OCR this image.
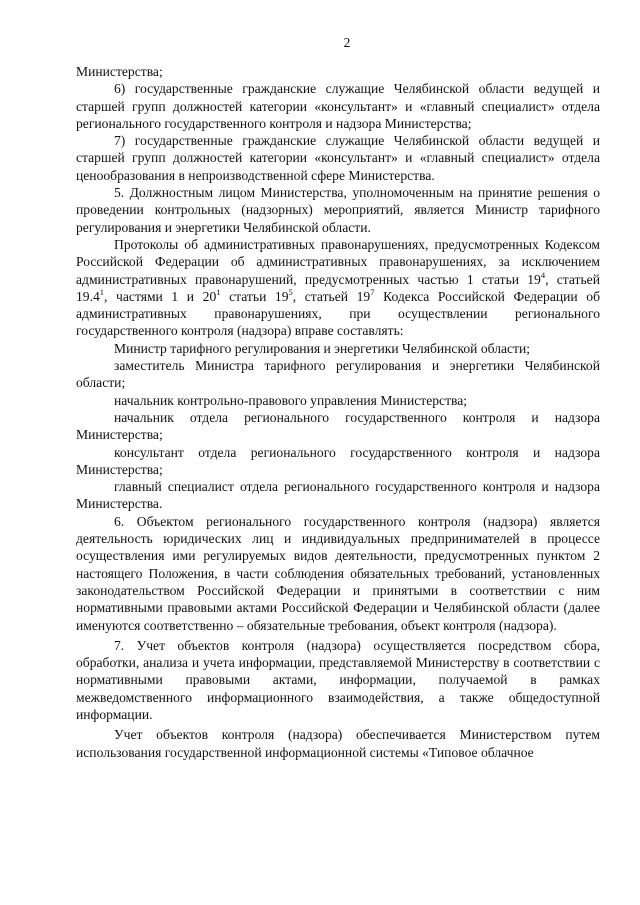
2

Министерства;

6) государственные гражданские служащие Челябинской области ведущей и старшей групп должностей категории «консультант» и «главный специалист» отдела регионального государственного контроля и надзора Министерства;

7) государственные гражданские служащие Челябинской области ведущей и старшей групп должностей категории «консультант» и «главный специалист» отдела ценообразования в непроизводственной сфере Министерства.

5. Должностным лицом Министерства, уполномоченным на принятие решения о проведении контрольных (надзорных) мероприятий, является Министр тарифного регулирования и энергетики Челябинской области.

Протоколы об административных правонарушениях, предусмотренных Кодексом Российской Федерации об административных правонарушениях, за исключением административных правонарушений, предусмотренных частью 1 статьи $19^4$, статьей 19.4$^1$, частями 1 и $20^1$ статьи $19^5$, статьей $19^7$ Кодекса Российской Федерации об административных правонарушениях, при осуществлении регионального государственного контроля (надзора) вправе составлять:

Министр тарифного регулирования и энергетики Челябинской области;

заместитель Министра тарифного регулирования и энергетики Челябинской области;

начальник контрольно-правового управления Министерства;

начальник отдела регионального государственного контроля и надзора Министерства;

консультант отдела регионального государственного контроля и надзора Министерства;

главный специалист отдела регионального государственного контроля и надзора Министерства.

6. Объектом регионального государственного контроля (надзора) является деятельность юридических лиц и индивидуальных предпринимателей в процессе осуществления ими регулируемых видов деятельности, предусмотренных пунктом 2 настоящего Положения, в части соблюдения обязательных требований, установленных законодательством Российской Федерации и принятыми в соответствии с ним нормативными правовыми актами Российской Федерации и Челябинской области (далее именуются соответственно – обязательные требования, объект контроля (надзора).

7. Учет объектов контроля (надзора) осуществляется посредством сбора, обработки, анализа и учета информации, представляемой Министерству в соответствии с нормативными правовыми актами, информации, получаемой в рамках межведомственного информационного взаимодействия, а также общедоступной информации.

Учет объектов контроля (надзора) обеспечивается Министерством путем использования государственной информационной системы «Типовое облачное
